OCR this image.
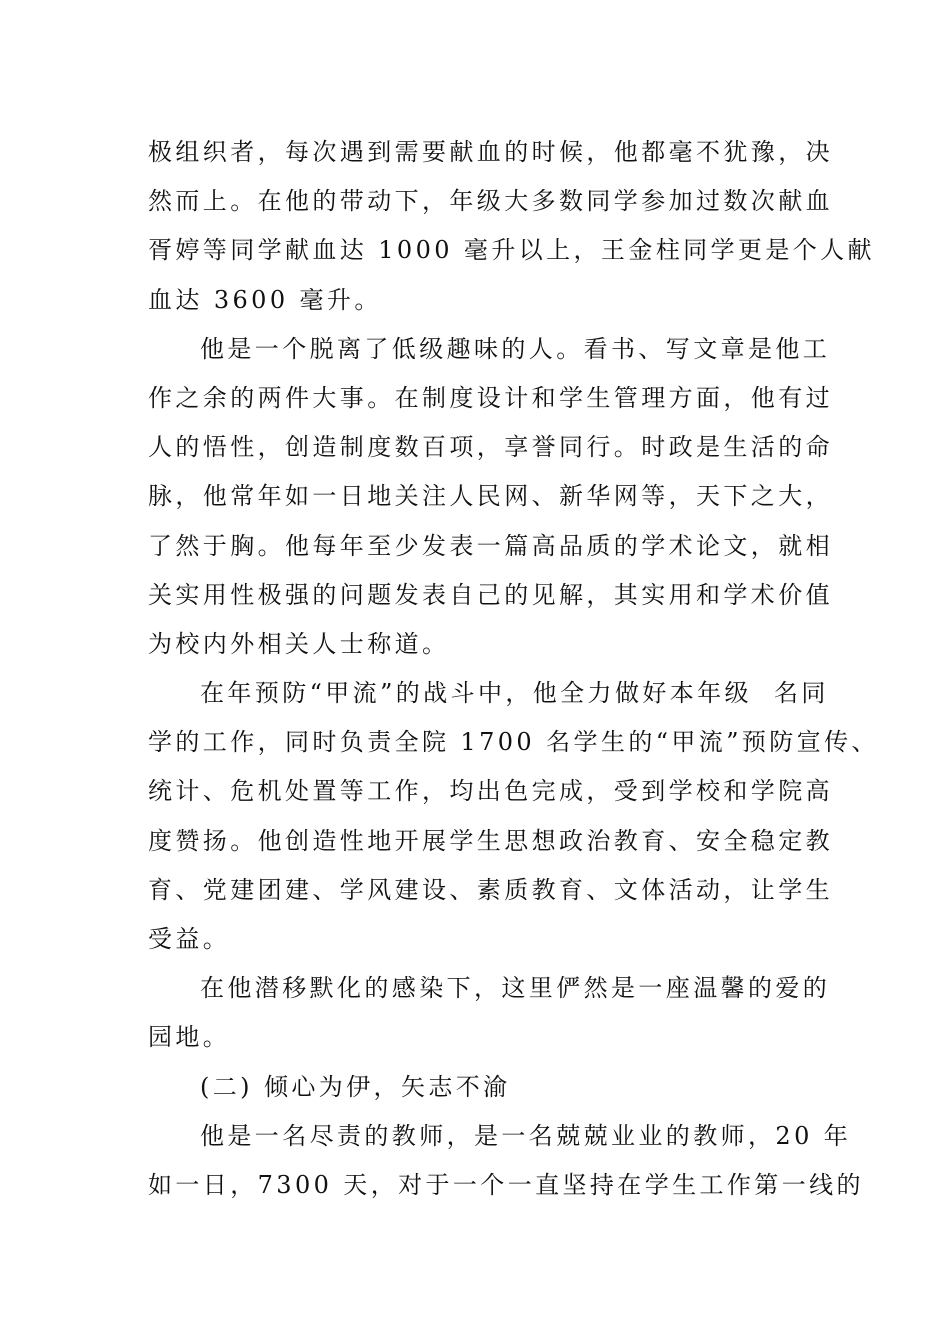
极组织者，每次遇到需要献血的时候，他都毫不犹豫，决
然而上。在他的带动下，年级大多数同学参加过数次献血
胥婷等同学献血达 1000 毫升以上，王金柱同学更是个人献
血达 3600 毫升。
他是一个脱离了低级趣味的人。看书、写文章是他工
作之余的两件大事。在制度设计和学生管理方面，他有过
人的悟性，创造制度数百项，享誉同行。时政是生活的命
脉，他常年如一日地关注人民网、新华网等，天下之大，
了然于胸。他每年至少发表一篇高品质的学术论文，就相
关实用性极强的问题发表自己的见解，其实用和学术价值
为校内外相关人士称道。
在年预防“甲流”的战斗中，他全力做好本年级  名同
学的工作，同时负责全院 1700 名学生的“甲流”预防宣传、
统计、危机处置等工作，均出色完成，受到学校和学院高
度赞扬。他创造性地开展学生思想政治教育、安全稳定教
育、党建团建、学风建设、素质教育、文体活动，让学生
受益。
在他潜移默化的感染下，这里俨然是一座温馨的爱的
园地。
(二) 倾心为伊，矢志不渝
他是一名尽责的教师，是一名兢兢业业的教师，20 年
如一日，7300 天，对于一个一直坚持在学生工作第一线的
